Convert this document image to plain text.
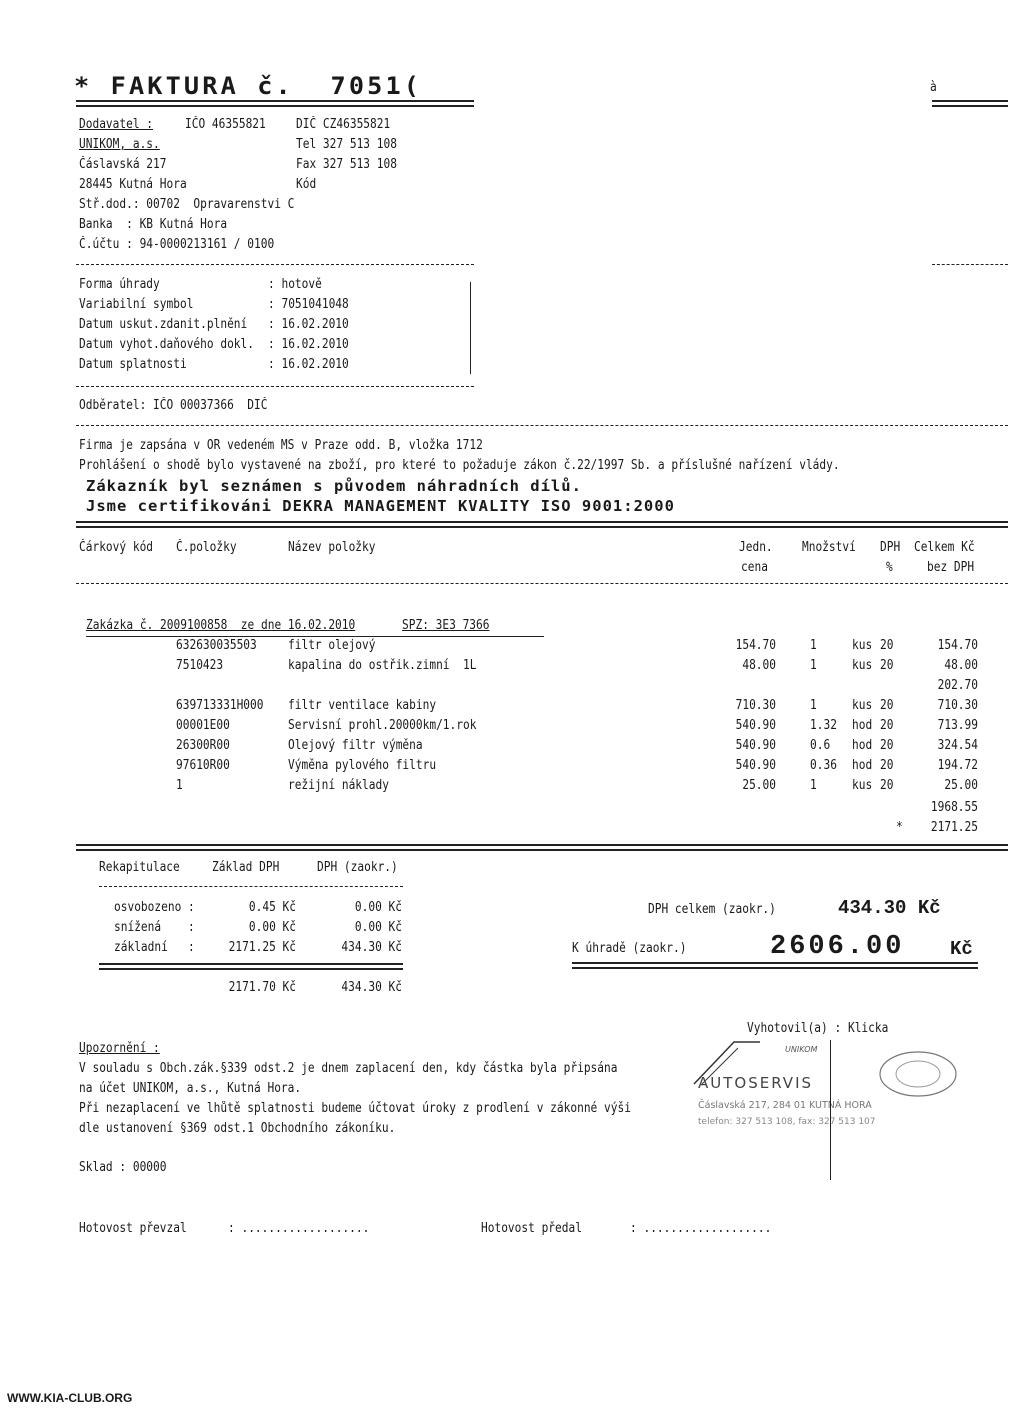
* FAKTURA č.  7051(	à
Dodavatel : IČO 46355821 DIČ CZ46355821
UNIKOM, a.s.	Tel 327 513 108
Čáslavská 217	Fax 327 513 108
28445 Kutná Hora	Kód
Stř.dod.: 00702  Opravarenstvi C
Banka  : KB Kutná Hora
Č.účtu : 94-0000213161 / 0100
Forma úhrady	: hotově
Variabilní symbol	: 7051041048
Datum uskut.zdanit.plnění : 16.02.2010
Datum vyhot.daňového dokl. : 16.02.2010
Datum splatnosti	: 16.02.2010
Odběratel: IČO 00037366  DIČ
Firma je zapsána v OR vedeném MS v Praze odd. B, vložka 1712
Prohlášení o shodě bylo vystavené na zboží, pro které to požaduje zákon č.22/1997 Sb. a příslušné nařízení vlády.
Zákazník byl seznámen s původem náhradních dílů.
Jsme certifikováni DEKRA MANAGEMENT KVALITY ISO 9001:2000
Čárkový kód Č.položky	Název položky	Jedn.
cena
Množství DPH
%
Celkem Kč
bez DPH
Zakázka č. 2009100858  ze dne 16.02.2010	SPZ: 3E3 7366
632630035503 filtr olejový	154.70	1	kus 20	154.70
7510423	kapalina do ostřik.zimní  1L	48.00	1	kus 20	48.00
202.70
639713331H000 filtr ventilace kabiny	710.30	1	kus 20	710.30
00001E00	Servisní prohl.20000km/1.rok	540.90	1.32 hod 20	713.99
26300R00	Olejový filtr výměna	540.90	0.6 hod 20	324.54
97610R00	Výměna pylového filtru	540.90	0.36 hod 20	194.72
1	režijní náklady	25.00	1	kus 20	25.00
1968.55
*	2171.25
Rekapitulace Základ DPH	DPH (zaokr.)
osvobozeno :	0.45 Kč	0.00 Kč
snížená    :	0.00 Kč	0.00 Kč
základní   :	2171.25 Kč	434.30 Kč
2171.70 Kč	434.30 Kč
DPH celkem (zaokr.)	434.30 Kč
K úhradě (zaokr.)	2606.00 Kč
Vyhotovil(a) : Klicka
UNIKOM
AUTOSERVIS
Čáslavská 217, 284 01 KUTNÁ HORA
telefon: 327 513 108, fax: 327 513 107
Upozornění :
V souladu s Obch.zák.§339 odst.2 je dnem zaplacení den, kdy částka byla připsána
na účet UNIKOM, a.s., Kutná Hora.
Při nezaplacení ve lhůtě splatnosti budeme účtovat úroky z prodlení v zákonné výši
dle ustanovení §369 odst.1 Obchodního zákoníku.
Sklad : 00000
Hotovost převzal	: ...................	Hotovost předal	: ...................
WWW.KIA-CLUB.ORG
